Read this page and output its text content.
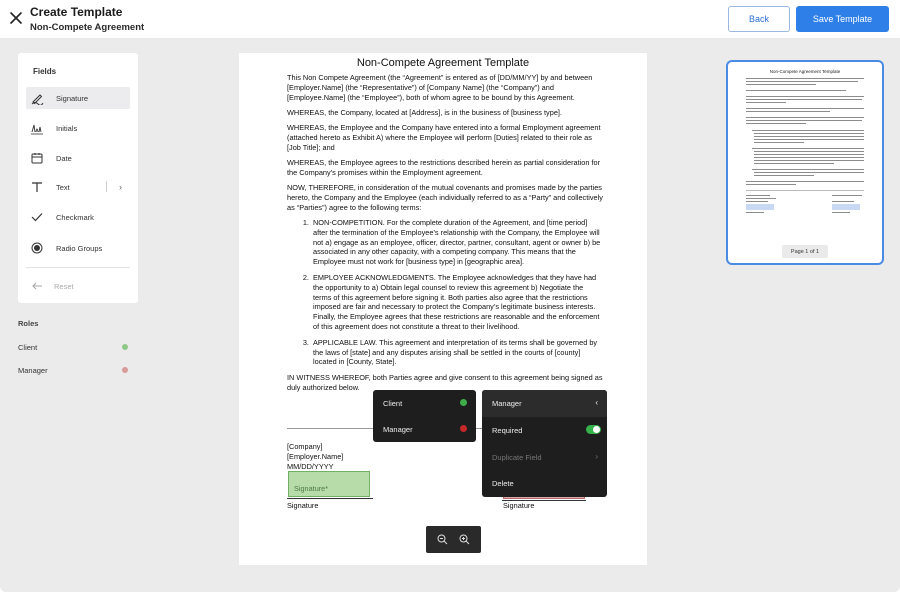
Create Template
Non-Compete Agreement
Back	Save Template
Fields
Signature
Initials
Date
Text	›
Checkmark
Radio Groups
Reset
Roles
Client
Manager
Non-Compete Agreement Template

This Non Compete Agreement (the “Agreement” is entered as of [DD/MM/YY] by and between [Employer.Name] (the “Representative”) of [Company Name] (the “Company”) and [Employee.Name] (the “Employee”), both of whom agree to be bound by this Agreement.

WHEREAS, the Company, located at [Address], is in the business of [business type].

WHEREAS, the Employee and the Company have entered into a formal Employment agreement (attached hereto as Exhibit A) where the Employee will perform [Duties] related to their role as [Job Title]; and

WHEREAS, the Employee agrees to the restrictions described herein as partial consideration for the Company’s promises within the Employment agreement.

NOW, THEREFORE, in consideration of the mutual covenants and promises made by the parties hereto, the Company and the Employee (each individually referred to as a “Party” and collectively as “Parties”) agree to the following terms:

1. NON-COMPETITION. For the complete duration of the Agreement, and [time period] after the termination of the Employee’s relationship with the Company, the Employee will not a) engage as an employee, officer, director, partner, consultant, agent or owner b) be associated in any other capacity, with a competing company. This means that the Employee must not work for [business type] in [geographic area].
2. EMPLOYEE ACKNOWLEDGMENTS. The Employee acknowledges that they have had the opportunity to a) Obtain legal counsel to review this agreement b) Negotiate the terms of this agreement before signing it. Both parties also agree that the restrictions imposed are fair and necessary to protect the Company’s legitimate business interests. Finally, the Employee agrees that these restrictions are reasonable and the enforcement of this agreement does not constitute a threat to their livelihood.
3. APPLICABLE LAW. This agreement and interpretation of its terms shall be governed by the laws of [state] and any disputes arising shall be settled in the courts of [county] located in [County, State].

IN WITNESS WHEREOF, both Parties agree and give consent to this agreement being signed as duly authorized below.

[Company]
[Employer.Name]
MM/DD/YYYY
Signature*
Signature	Signature
Client
Manager
Manager	‹
Required
Duplicate Field	›
Delete
Non-Compete Agreement Template
Page 1 of 1
